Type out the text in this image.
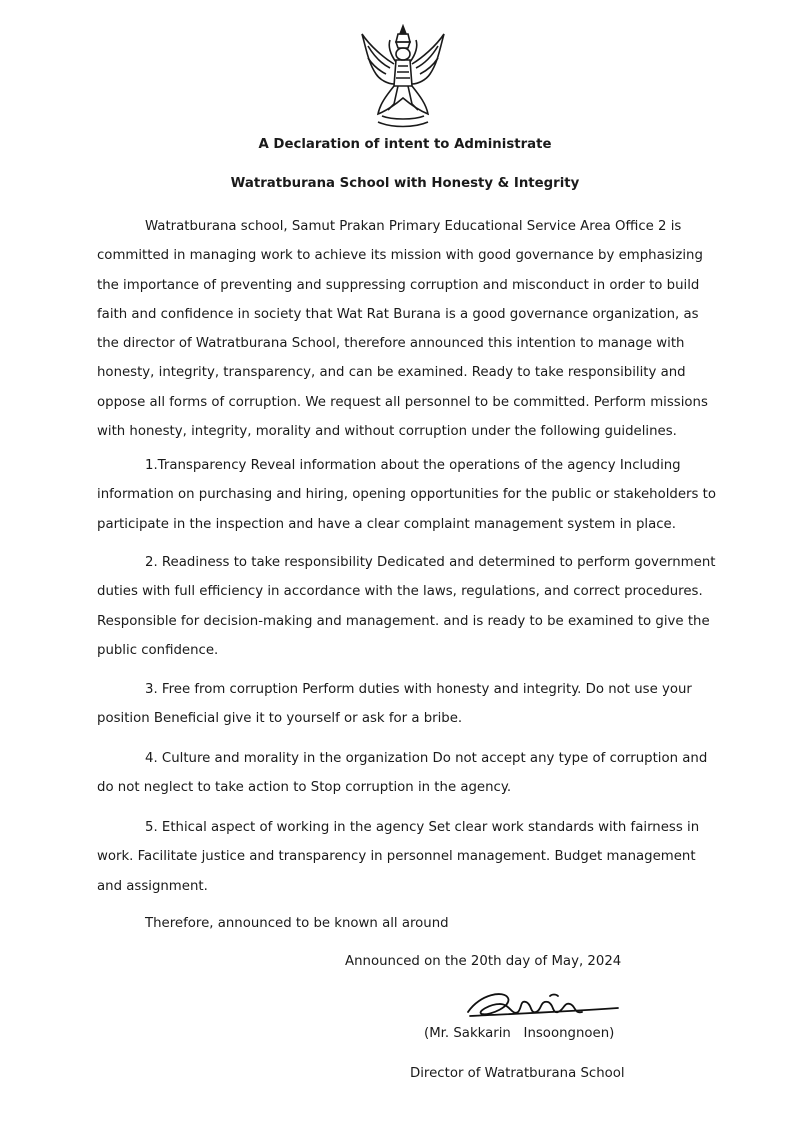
A Declaration of intent to Administrate
Watratburana School with Honesty & Integrity

Watratburana school, Samut Prakan Primary Educational Service Area Office 2 is committed in managing work to achieve its mission with good governance by emphasizing the importance of preventing and suppressing corruption and misconduct in order to build faith and confidence in society that Wat Rat Burana is a good governance organization, as the director of Watratburana School, therefore announced this intention to manage with honesty, integrity, transparency, and can be examined. Ready to take responsibility and oppose all forms of corruption. We request all personnel to be committed. Perform missions with honesty, integrity, morality and without corruption under the following guidelines.

1.Transparency Reveal information about the operations of the agency Including information on purchasing and hiring, opening opportunities for the public or stakeholders to participate in the inspection and have a clear complaint management system in place.

2. Readiness to take responsibility Dedicated and determined to perform government duties with full efficiency in accordance with the laws, regulations, and correct procedures. Responsible for decision-making and management. and is ready to be examined to give the public confidence.

3. Free from corruption Perform duties with honesty and integrity. Do not use your position Beneficial give it to yourself or ask for a bribe.

4. Culture and morality in the organization Do not accept any type of corruption and do not neglect to take action to Stop corruption in the agency.

5. Ethical aspect of working in the agency Set clear work standards with fairness in work. Facilitate justice and transparency in personnel management. Budget management and assignment.

Therefore, announced to be known all around

Announced on the 20th day of May, 2024
(Mr. Sakkarin   Insoongnoen)
Director of Watratburana School
